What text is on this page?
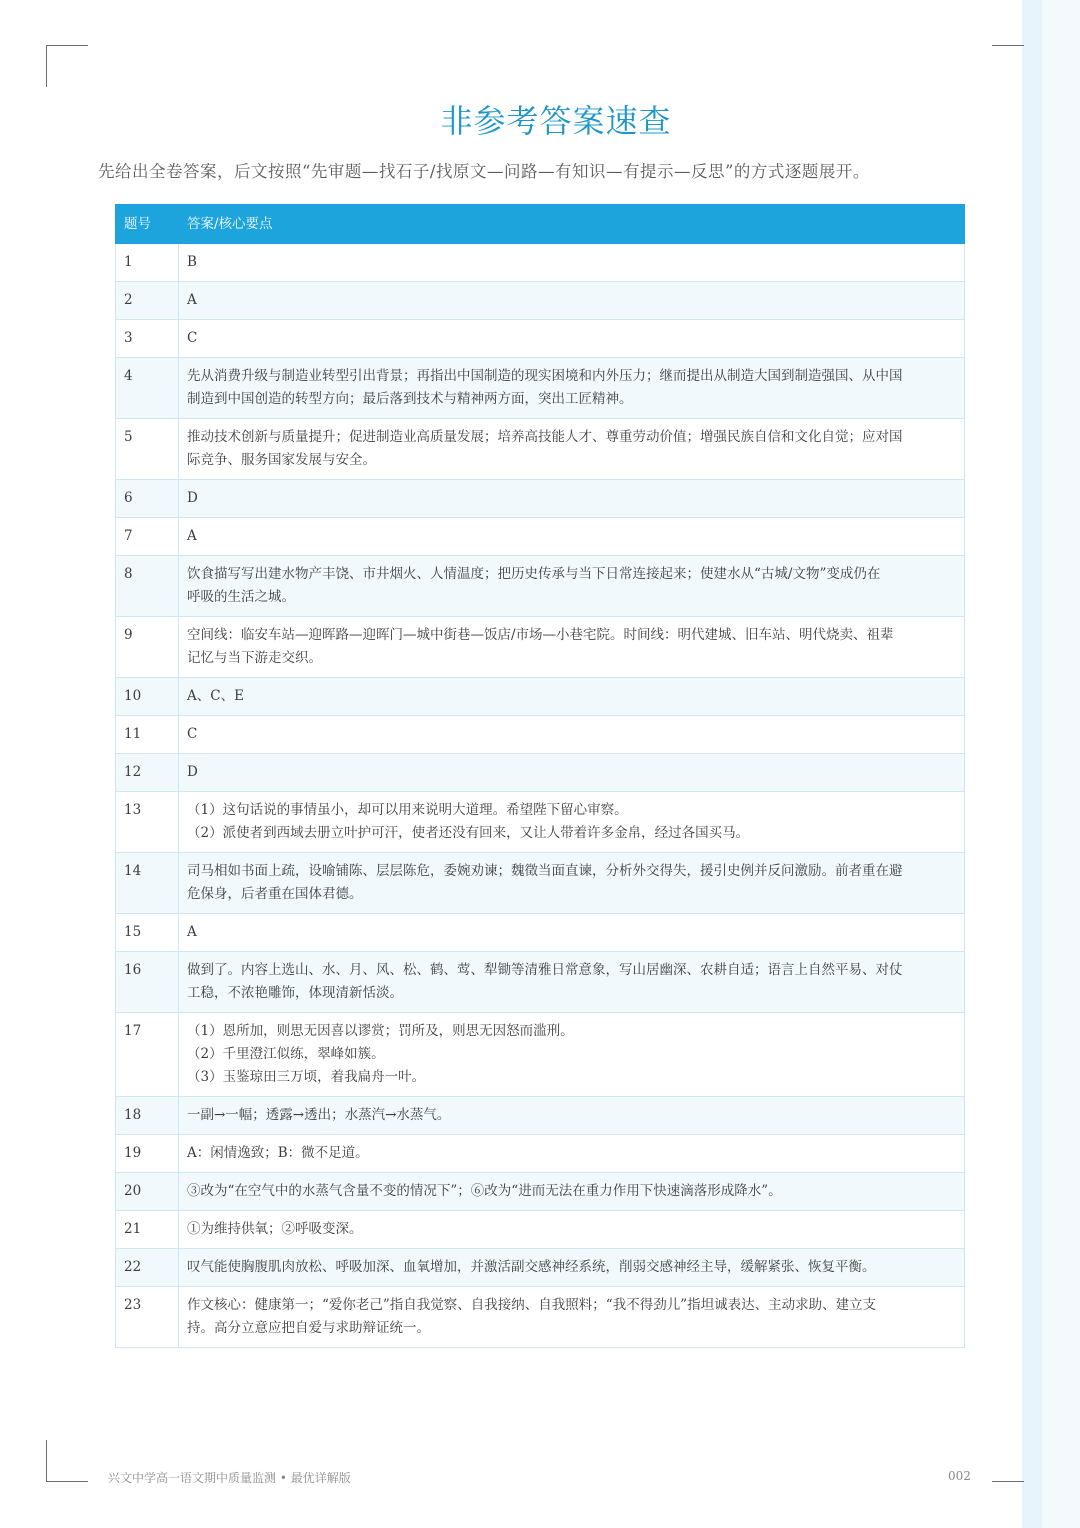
非参考答案速查
先给出全卷答案，后文按照“先审题—找石子/找原文—问路—有知识—有提示—反思”的方式逐题展开。
题号	答案/核心要点
1	B

2	A

3	C

4	先从消费升级与制造业转型引出背景；再指出中国制造的现实困境和内外压力；继而提出从制造大国到制造强国、从中国
制造到中国创造的转型方向；最后落到技术与精神两方面，突出工匠精神。

5	推动技术创新与质量提升；促进制造业高质量发展；培养高技能人才、尊重劳动价值；增强民族自信和文化自觉；应对国
际竞争、服务国家发展与安全。

6	D

7	A

8	饮食描写写出建水物产丰饶、市井烟火、人情温度；把历史传承与当下日常连接起来；使建水从“古城/文物”变成仍在
呼吸的生活之城。

9	空间线：临安车站—迎晖路—迎晖门—城中街巷—饭店/市场—小巷宅院。时间线：明代建城、旧车站、明代烧卖、祖辈
记忆与当下游走交织。

10	A、C、E

11	C

12	D

13	（1）这句话说的事情虽小，却可以用来说明大道理。希望陛下留心审察。
（2）派使者到西域去册立叶护可汗，使者还没有回来，又让人带着许多金帛，经过各国买马。

14	司马相如书面上疏，设喻铺陈、层层陈危，委婉劝谏；魏徵当面直谏，分析外交得失，援引史例并反问激励。前者重在避
危保身，后者重在国体君德。

15	A

16	做到了。内容上选山、水、月、风、松、鹤、莺、犁锄等清雅日常意象，写山居幽深、农耕自适；语言上自然平易、对仗
工稳，不浓艳雕饰，体现清新恬淡。

17	（1）恩所加，则思无因喜以谬赏；罚所及，则思无因怒而滥刑。
（2）千里澄江似练，翠峰如簇。
（3）玉鉴琼田三万顷，着我扁舟一叶。

18	一副→一幅；透露→透出；水蒸汽→水蒸气。

19	A：闲情逸致；B：微不足道。

20	③改为“在空气中的水蒸气含量不变的情况下”；⑥改为“进而无法在重力作用下快速滴落形成降水”。

21	①为维持供氧；②呼吸变深。

22	叹气能使胸腹肌肉放松、呼吸加深、血氧增加，并激活副交感神经系统，削弱交感神经主导，缓解紧张、恢复平衡。

23	作文核心：健康第一；“爱你老己”指自我觉察、自我接纳、自我照料；“我不得劲儿”指坦诚表达、主动求助、建立支
持。高分立意应把自爱与求助辩证统一。
兴文中学高一语文期中质量监测 • 最优详解版	002
